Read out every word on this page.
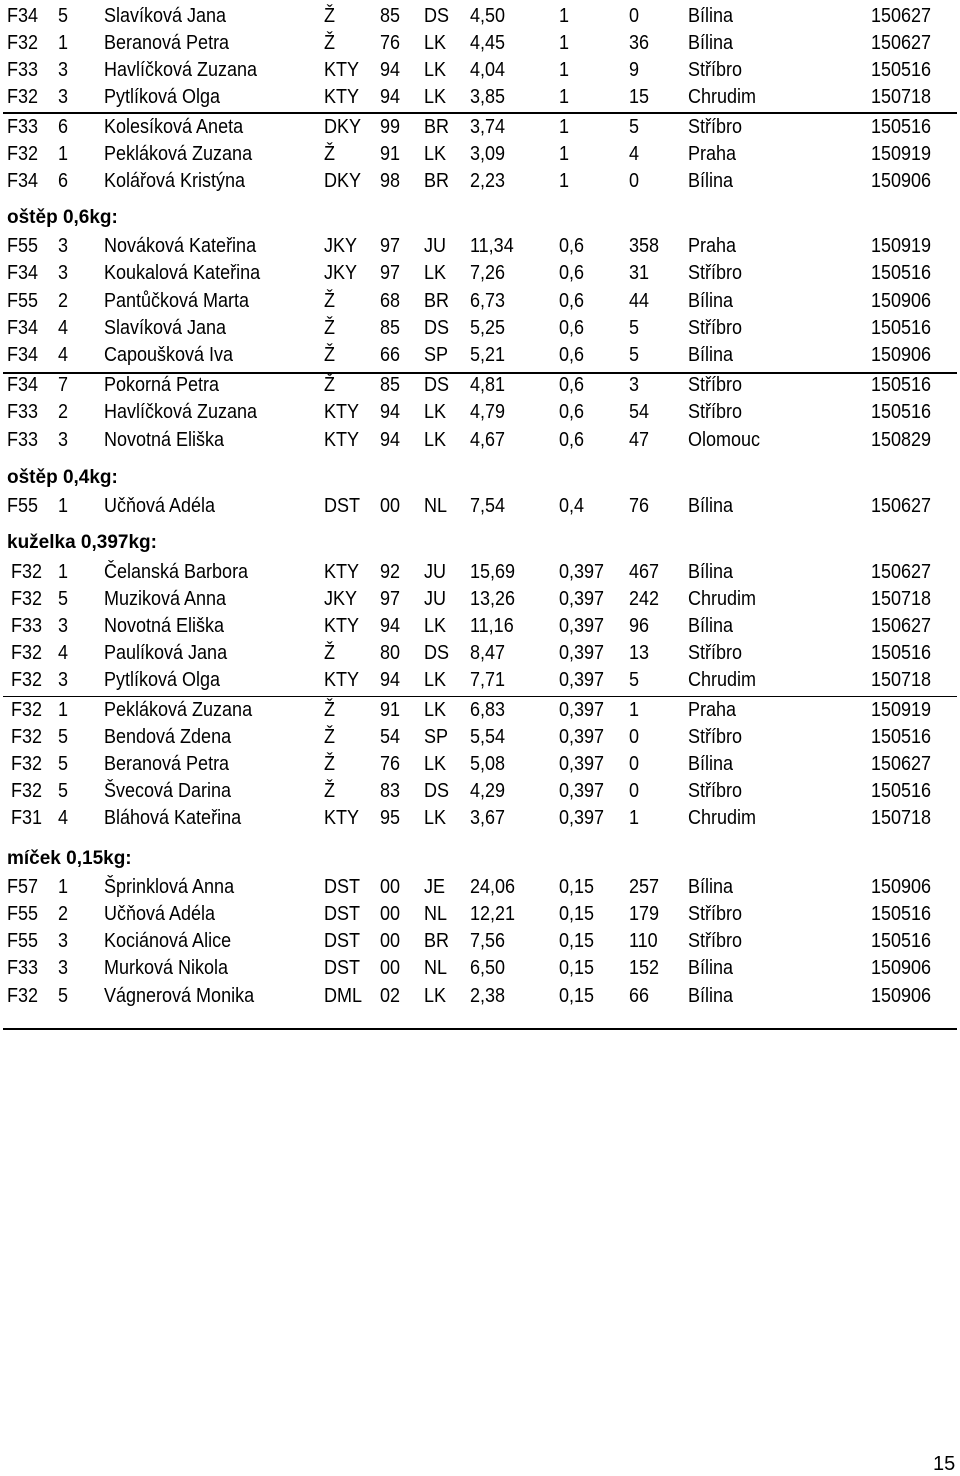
F34 5 Slavíková Jana	Ž 85 DS 4,50	1	0 Bílina	150627
F32 1 Beranová Petra	Ž 76 LK 4,45	1	36 Bílina	150627
F33 3 Havlíčková Zuzana	KTY 94 LK 4,04	1	9 Stříbro	150516
F32 3 Pytlíková Olga	KTY 94 LK 3,85	1	15 Chrudim	150718
F33 6 Kolesíková Aneta	DKY 99 BR 3,74	1	5 Stříbro	150516
F32 1 Pekláková Zuzana	Ž 91 LK 3,09	1	4 Praha	150919
F34 6 Kolářová Kristýna	DKY 98 BR 2,23	1	0 Bílina	150906
oštěp 0,6kg:
F55 3 Nováková Kateřina	JKY 97 JU 11,34 0,6 358 Praha	150919
F34 3 Koukalová Kateřina	JKY 97 LK 7,26	0,6 31 Stříbro	150516
F55 2 Pantůčková Marta	Ž 68 BR 6,73	0,6 44 Bílina	150906
F34 4 Slavíková Jana	Ž 85 DS 5,25	0,6 5 Stříbro	150516
F34 4 Capoušková Iva	Ž 66 SP 5,21	0,6 5 Bílina	150906
F34 7 Pokorná Petra	Ž 85 DS 4,81	0,6 3 Stříbro	150516
F33 2 Havlíčková Zuzana	KTY 94 LK 4,79	0,6 54 Stříbro	150516
F33 3 Novotná Eliška	KTY 94 LK 4,67	0,6 47 Olomouc	150829
oštěp 0,4kg:
F55 1 Učňová Adéla	DST 00 NL 7,54	0,4 76 Bílina	150627
kuželka 0,397kg:
F32 1 Čelanská Barbora	KTY 92 JU 15,69 0,397 467 Bílina	150627
F32 5 Muziková Anna	JKY 97 JU 13,26 0,397 242 Chrudim	150718
F33 3 Novotná Eliška	KTY 94 LK 11,16 0,397 96 Bílina	150627
F32 4 Paulíková Jana	Ž 80 DS 8,47	0,397 13 Stříbro	150516
F32 3 Pytlíková Olga	KTY 94 LK 7,71	0,397 5 Chrudim	150718
F32 1 Pekláková Zuzana	Ž 91 LK 6,83	0,397 1 Praha	150919
F32 5 Bendová Zdena	Ž 54 SP 5,54	0,397 0 Stříbro	150516
F32 5 Beranová Petra	Ž 76 LK 5,08	0,397 0 Bílina	150627
F32 5 Švecová Darina	Ž 83 DS 4,29	0,397 0 Stříbro	150516
F31 4 Bláhová Kateřina	KTY 95 LK 3,67	0,397 1 Chrudim	150718
míček 0,15kg:
F57 1 Šprinklová Anna	DST 00 JE 24,06 0,15 257 Bílina	150906
F55 2 Učňová Adéla	DST 00 NL 12,21 0,15 179 Stříbro	150516
F55 3 Kociánová Alice	DST 00 BR 7,56	0,15 110 Stříbro	150516
F33 3 Murková Nikola	DST 00 NL 6,50	0,15 152 Bílina	150906
F32 5 Vágnerová Monika	DML 02 LK 2,38	0,15 66 Bílina	150906
15
